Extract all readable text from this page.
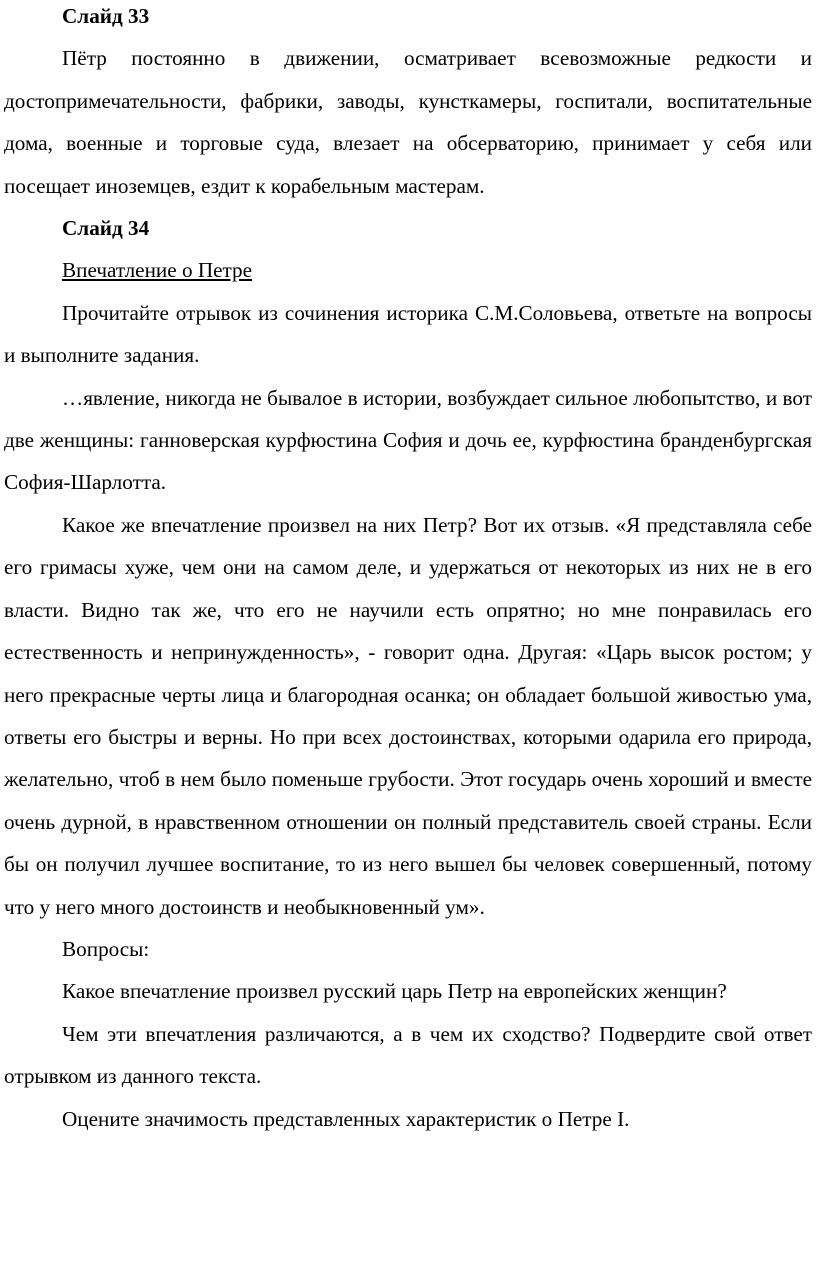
Слайд 33

Пётр постоянно в движении, осматривает всевозможные редкости и достопримечательности, фабрики, заводы, кунсткамеры, госпитали, воспитательные дома, военные и торговые суда, влезает на обсерваторию, принимает у себя или посещает иноземцев, ездит к корабельным мастерам.

Слайд 34

Впечатление о Петре

Прочитайте отрывок из сочинения историка С.М.Соловьева, ответьте на вопросы и выполните задания.

…явление, никогда не бывалое в истории, возбуждает сильное любопытство, и вот две женщины: ганноверская курфюстина София и дочь ее, курфюстина бранденбургская София-Шарлотта.

Какое же впечатление произвел на них Петр? Вот их отзыв. «Я представляла себе его гримасы хуже, чем они на самом деле, и удержаться от некоторых из них не в его власти. Видно так же, что его не научили есть опрятно; но мне понравилась его естественность и непринужденность», - говорит одна. Другая: «Царь высок ростом; у него прекрасные черты лица и благородная осанка; он обладает большой живостью ума, ответы его быстры и верны. Но при всех достоинствах, которыми одарила его природа, желательно, чтоб в нем было поменьше грубости. Этот государь очень хороший и вместе очень дурной, в нравственном отношении он полный представитель своей страны. Если бы он получил лучшее воспитание, то из него вышел бы человек совершенный, потому что у него много достоинств и необыкновенный ум».

Вопросы:

Какое впечатление произвел русский царь Петр на европейских женщин?

Чем эти впечатления различаются, а в чем их сходство? Подвердите свой ответ отрывком из данного текста.

Оцените значимость представленных характеристик о Петре I.
